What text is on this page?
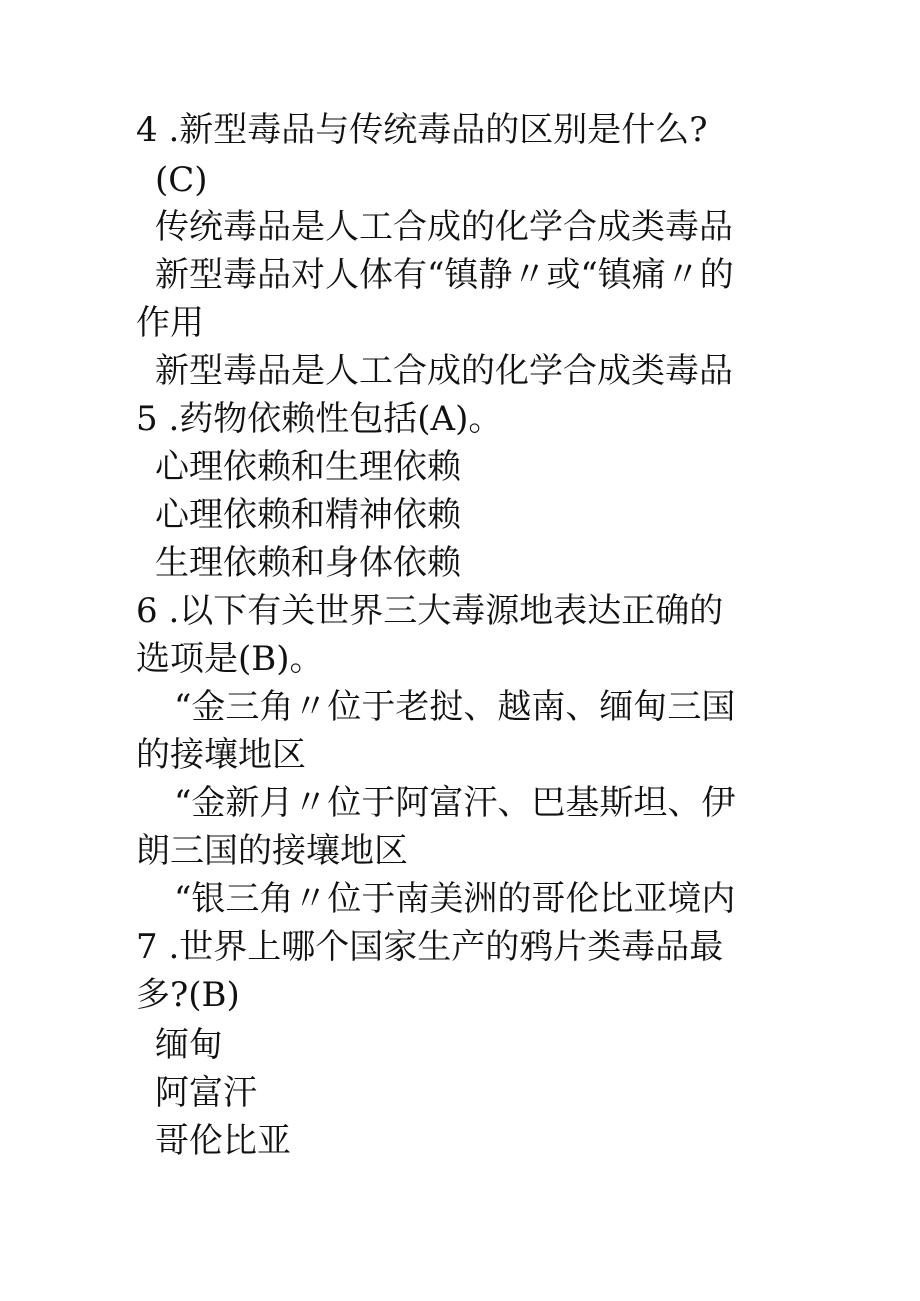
4 .新型毒品与传统毒品的区别是什么?
(C)
传统毒品是人工合成的化学合成类毒品
新型毒品对人体有“镇静〃或“镇痛〃的
作用
新型毒品是人工合成的化学合成类毒品
5 .药物依赖性包括(A)。
心理依赖和生理依赖
心理依赖和精神依赖
生理依赖和身体依赖
6 .以下有关世界三大毒源地表达正确的
选项是(B)。
“金三角〃位于老挝、越南、缅甸三国
的接壤地区
“金新月〃位于阿富汗、巴基斯坦、伊
朗三国的接壤地区
“银三角〃位于南美洲的哥伦比亚境内
7 .世界上哪个国家生产的鸦片类毒品最
多?(B)
缅甸
阿富汗
哥伦比亚
